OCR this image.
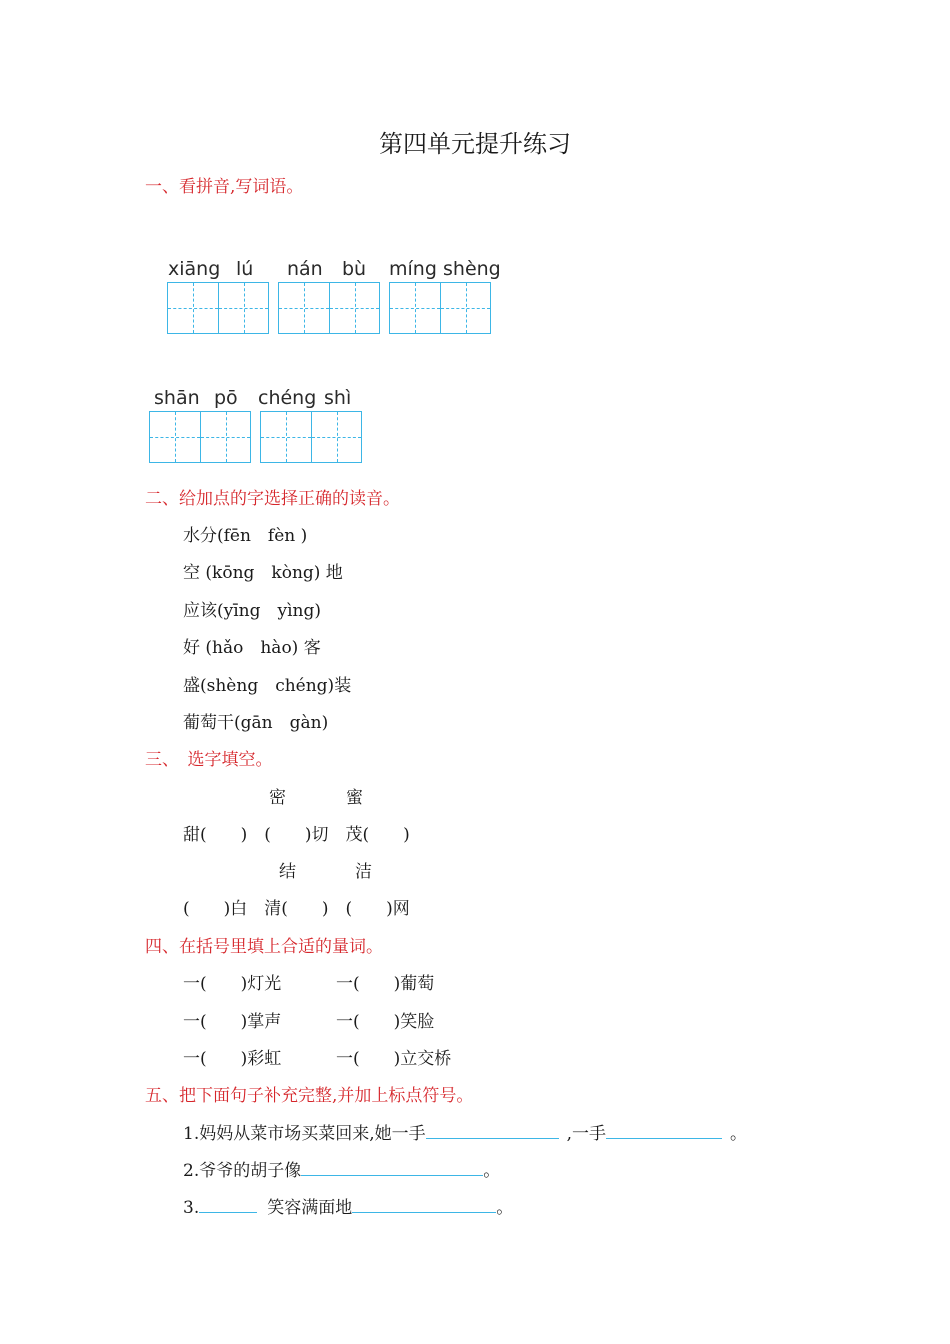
第四单元提升练习
一、看拼音,写词语。
xiāng lú nán bù míng shèng
shān pō chéng shì
二、给加点的字选择正确的读音。
水分(fēn　fèn )
空 (kōng　kòng) 地
应该(yīng　yìng)
好 (hǎo　hào) 客
盛(shèng　chéng)装
葡萄干(gān　gàn)
三、　选字填空。
密	蜜
甜(　　)　(　　)切　茂(　　)
结	洁
(　　)白　清(　　)　(　　)网
四、在括号里填上合适的量词。
一(　　)灯光	一(　　)葡萄
一(　　)掌声	一(　　)笑脸
一(　　)彩虹	一(　　)立交桥
五、把下面句子补充完整,并加上标点符号。
1.妈妈从菜市场买菜回来,她一手	,一手	。
2.爷爷的胡子像	。
3.	笑容满面地	。
